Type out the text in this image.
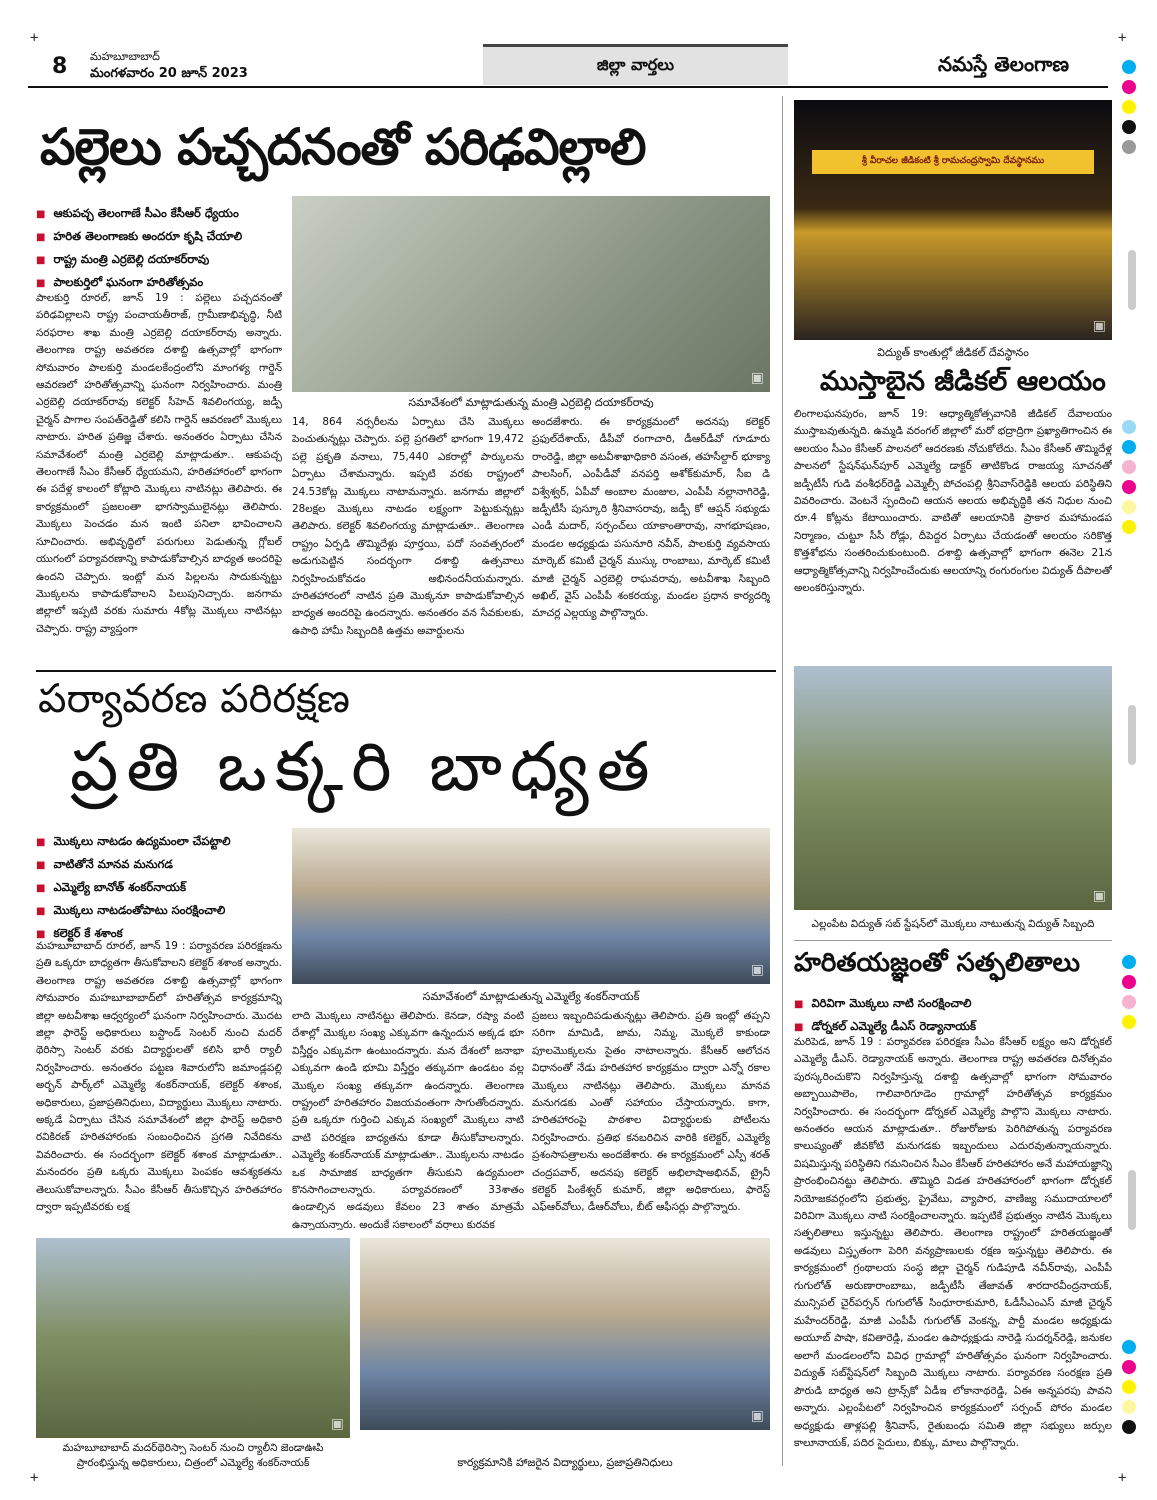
+	+
+	+
8 మహబూబాబాద్
మంగళవారం 20 జూన్ 2023	జిల్లా వార్తలు	నమస్తే తెలంగాణ
పల్లెలు పచ్చదనంతో పరిఢవిల్లాలి
■ ఆకుపచ్చ తెలంగాణే సీఎం కేసీఆర్ ధ్యేయం
■ హరిత తెలంగాణకు అందరూ కృషి చేయాలి
■ రాష్ట్ర మంత్రి ఎర్రబెల్లి దయాకర్‌రావు
■ పాలకుర్తిలో ఘనంగా హరితోత్సవం
పాలకుర్తి రూరల్, జూన్ 19 : పల్లెలు పచ్చదనంతో పరిఢవిల్లాలని రాష్ట్ర పంచాయతీరాజ్, గ్రామీణాభివృద్ధి, నీటి సరఫరాల శాఖ మంత్రి ఎర్రబెల్లి దయాకర్‌రావు అన్నారు. తెలంగాణ రాష్ట్ర అవతరణ దశాబ్ది ఉత్సవాల్లో భాగంగా సోమవారం పాలకుర్తి మండలకేంద్రంలోని మాంగళ్య గార్డెన్ ఆవరణలో హరితోత్సవాన్ని ఘనంగా నిర్వహించారు. మంత్రి ఎర్రబెల్లి దయాకర్‌రావు కలెక్టర్ సీహెచ్ శివలింగయ్య, జడ్పీ చైర్మన్ పాగాల సంపత్‌రెడ్డితో కలిసి గార్డెన్ ఆవరణలో మొక్కలు నాటారు. హరిత ప్రతిజ్ఞ చేశారు. అనంతరం ఏర్పాటు చేసిన సమావేశంలో మంత్రి ఎర్రబెల్లి మాట్లాడుతూ.. ఆకుపచ్చ తెలంగాణే సీఎం కేసీఆర్ ధ్యేయమని, హరితహారంలో భాగంగా ఈ పదేళ్ల కాలంలో కోట్లాది మొక్కలు నాటినట్లు తెలిపారు. ఈ కార్యక్రమంలో ప్రజలంతా భాగస్వాములైనట్లు తెలిపారు. మొక్కలు పెంచడం మన ఇంటి పనిలా భావించాలని సూచించారు. అభివృద్ధిలో పరుగులు పెడుతున్న గ్లోబల్ యుగంలో పర్యావరణాన్ని కాపాడుకోవాల్సిన బాధ్యత అందరిపై ఉందని చెప్పారు. ఇంట్లో మన పిల్లలను సాదుకున్నట్టు మొక్కలను కాపాడుకోవాలని పిలుపునిచ్చారు. జనగామ జిల్లాలో ఇప్పటి వరకు సుమారు 4కోట్ల మొక్కలు నాటినట్లు చెప్పారు. రాష్ట్ర వ్యాప్తంగా
▣
సమావేశంలో మాట్లాడుతున్న మంత్రి ఎర్రబెల్లి దయాకర్‌రావు
14, 864 నర్సరీలను ఏర్పాటు చేసి మొక్కలు పెంచుతున్నట్లు చెప్పారు. పల్లె ప్రగతిలో భాగంగా 19,472 పల్లె ప్రకృతి వనాలు, 75,440 ఎకరాల్లో పార్కులను ఏర్పాటు చేశామన్నారు. ఇప్పటి వరకు రాష్ట్రంలో 24.53కోట్ల మొక్కలు నాటామన్నారు. జనగామ జిల్లాలో 28లక్షల మొక్కలు నాటడం లక్ష్యంగా పెట్టుకున్నట్లు తెలిపారు. కలెక్టర్ శివలింగయ్య మాట్లాడుతూ.. తెలంగాణ రాష్ట్రం ఏర్పడి తొమ్మిదేళ్లు పూర్తయి, పదో సంవత్సరంలో అడుగుపెట్టిన సందర్భంగా దశాబ్ది ఉత్సవాలు నిర్వహించుకోవడం అభినందనీయమన్నారు. హరితహారంలో నాటిన ప్రతి మొక్కనూ కాపాడుకోవాల్సిన బాధ్యత అందరిపై ఉందన్నారు. అనంతరం వన సేవకులకు, ఉపాధి హామీ సిబ్బందికి ఉత్తమ అవార్డులను
అందజేశారు. ఈ కార్యక్రమంలో అదనపు కలెక్టర్ ప్రఫుల్‌దేశాయ్, డీపీవో రంగాచారి, డీఆర్‌డీవో గూడూరు రాంరెడ్డి, జిల్లా అటవీశాఖాధికారి వసంత, తహసీల్దార్ భూక్యా పాలసింగ్, ఎంపీడీవో వనపర్తి అశోక్‌కుమార్, సీఐ డి విశ్వేశ్వర్, ఏపీవో అంబాల మంజుల, ఎంపీపీ నల్లానాగిరెడ్డి, జడ్పీటీసీ పుస్కూరి శ్రీనివాసరావు, జడ్పీ కో ఆప్షన్ సభ్యుడు ఎండీ మదార్, సర్పంచ్‌లు యాకాంతారావు, నాగభూషణం, మండల అధ్యక్షుడు పసునూరి నవీన్, పాలకుర్తి వ్యవసాయ మార్కెట్ కమిటీ చైర్మన్ ముస్కు రాంబాబు, మార్కెట్ కమిటీ మాజీ చైర్మన్ ఎర్రబెల్లి రాఘవరావు, అటవీశాఖ సిబ్బంది అఖిల్, వైస్ ఎంపీపీ శంకరయ్య, మండల ప్రధాన కార్యదర్శి మాచర్ల ఎల్లయ్య పాల్గొన్నారు.
పర్యావరణ పరిరక్షణ
ప్రతి ఒక్కరి బాధ్యత
■ మొక్కలు నాటడం ఉద్యమంలా చేపట్టాలి
■ వాటితోనే మానవ మనుగడ
■ ఎమ్మెల్యే బానోత్ శంకర్‌నాయక్
■ మొక్కలు నాటడంతోపాటు సంరక్షించాలి
■ కలెక్టర్ కే శశాంక
మహబూబాబాద్ రూరల్, జూన్ 19 : పర్యావరణ పరిరక్షణను ప్రతి ఒక్కరూ బాధ్యతగా తీసుకోవాలని కలెక్టర్ శశాంక అన్నారు. తెలంగాణ రాష్ట్ర అవతరణ దశాబ్ది ఉత్సవాల్లో భాగంగా సోమవారం మహబూబాబాద్‌లో హరితోత్సవ కార్యక్రమాన్ని జిల్లా అటవీశాఖ ఆధ్వర్యంలో ఘనంగా నిర్వహించారు. మొదట జిల్లా ఫారెస్ట్ అధికారులు బస్టాండ్ సెంటర్ నుంచి మదర్ థెరిస్సా సెంటర్ వరకు విద్యార్థులతో కలిసి భారీ ర్యాలీ నిర్వహించారు. అనంతరం పట్టణ శివారులోని జమాండ్లపల్లి అర్బన్ పార్క్‌లో ఎమ్మెల్యే శంకర్‌నాయక్, కలెక్టర్ శశాంక, అధికారులు, ప్రజాప్రతినిధులు, విద్యార్థులు మొక్కలు నాటారు. అక్కడే ఏర్పాటు చేసిన సమావేశంలో జిల్లా ఫారెస్ట్ అధికారి రవికిరణ్ హరితహారంకు సంబంధించిన ప్రగతి నివేదికను వివరించారు. ఈ సందర్భంగా కలెక్టర్ శశాంక మాట్లాడుతూ.. మనందరం ప్రతి ఒక్కరు మొక్కలు పెంపకం ఆవశ్యకతను తెలుసుకోవాలన్నారు. సీఎం కేసీఆర్ తీసుకొచ్చిన హరితహారం ద్వారా ఇప్పటివరకు లక్ష
▣
సమావేశంలో మాట్లాడుతున్న ఎమ్మెల్యే శంకర్‌నాయక్
లాది మొక్కలు నాటినట్టు తెలిపారు. కెనడా, రష్యా వంటి దేశాల్లో మొక్కల సంఖ్య ఎక్కువగా ఉన్నందున అక్కడ భూ విస్తీర్ణం ఎక్కువగా ఉంటుందన్నారు. మన దేశంలో జనాభా ఎక్కువగా ఉండి భూమి విస్తీర్ణం తక్కువగా ఉండటం వల్ల మొక్కల సంఖ్య తక్కువగా ఉందన్నారు. తెలంగాణ రాష్ట్రంలో హరితహారం విజయవంతంగా సాగుతోందన్నారు. ప్రతి ఒక్కరూ గుర్తించి ఎక్కువ సంఖ్యలో మొక్కలు నాటి వాటి పరిరక్షణ బాధ్యతను కూడా తీసుకోవాలన్నారు. ఎమ్మెల్యే శంకర్‌నాయక్ మాట్లాడుతూ.. మొక్కలను నాటడం ఒక సామాజిక బాధ్యతగా తీసుకుని ఉద్యమంలా కొనసాగించాలన్నారు. పర్యావరణంలో 33శాతం ఉండాల్సిన అడవులు కేవలం 23 శాతం మాత్రమే ఉన్నాయన్నారు. అందుకే సకాలంలో వర్షాలు కురవక
ప్రజలు ఇబ్బందిపడుతున్నట్లు తెలిపారు. ప్రతి ఇంట్లో తప్పని సరిగా మామిడి, జామ, నిమ్మ, మొక్కలే కాకుండా పూలమొక్కలను సైతం నాటాలన్నారు. కేసీఆర్ ఆలోచన విధానంతో నేడు హరితహార కార్యక్రమం ద్వారా ఎన్నో రకాల మొక్కలు నాటినట్లు తెలిపారు. మొక్కలు మానవ మనుగడకు ఎంతో సహాయం చేస్తాయన్నారు. కాగా, హరితహారంపై పాఠశాల విద్యార్థులకు పోటీలను నిర్వహించారు. ప్రతిభ కనబరిచిన వారికి కలెక్టర్, ఎమ్మెల్యే ప్రశంసాపత్రాలను అందజేశారు. ఈ కార్యక్రమంలో ఎస్పీ శరత్ చంద్రపవార్, అదనపు కలెక్టర్ అభిలాషాఅభినవ్, ట్రైనీ కలెక్టర్ పింకేశ్వర్ కుమార్, జిల్లా అధికారులు, ఫారెస్ట్ ఎఫ్‌ఆర్‌వోలు, డీఆర్‌వోలు, బీట్ ఆఫీసర్లు పాల్గొన్నారు.
▣
మహబూబాబాద్ మదర్‌థెరిస్సా సెంటర్ నుంచి ర్యాలీని జెండాఊపి ప్రారంభిస్తున్న అధికారులు, చిత్రంలో ఎమ్మెల్యే శంకర్‌నాయక్
▣
కార్యక్రమానికి హాజరైన విద్యార్థులు, ప్రజాప్రతినిధులు
శ్రీ వీరాచల జీడికంటి శ్రీ రామచంద్రస్వామి దేవస్థానము
▣
విద్యుత్ కాంతుల్లో జీడికల్ దేవస్థానం
ముస్తాబైన జీడికల్ ఆలయం
లింగాలఘనపురం, జూన్ 19: ఆధ్యాత్మికోత్సవానికి జీడికల్ దేవాలయం ముస్తాబవుతున్నది. ఉమ్మడి వరంగల్ జిల్లాలో మరో భద్రాద్రిగా ప్రఖ్యాతిగాంచిన ఈ ఆలయం సీఎం కేసీఆర్ పాలనలో ఆదరణకు నోచుకోలేదు. సీఎం కేసీఆర్ తొమ్మిదేళ్ల పాలనలో స్టేషన్‌ఘన్‌పూర్ ఎమ్మెల్యే డాక్టర్ తాటికొండ రాజయ్య సూచనతో జడ్పీటీసీ గుడి వంశీధర్‌రెడ్డి ఎమ్మెల్సీ పోచంపల్లి శ్రీనివాస్‌రెడ్డికి ఆలయ పరిస్థితిని వివరించారు. వెంటనే స్పందించి ఆయన ఆలయ అభివృద్ధికి తన నిధుల నుంచి రూ.4 కోట్లను కేటాయించారు. వాటితో ఆలయానికి ప్రాకార మహామండప నిర్మాణం, చుట్టూ సీసీ రోడ్లు, దీపెద్దర ఏర్పాటు చేయడంతో ఆలయం సరికొత్త కొత్తశోభను సంతరించుకుంటుంది. దశాబ్ది ఉత్సవాల్లో భాగంగా ఈనెల 21న ఆధ్యాత్మికోత్సవాన్ని నిర్వహించేందుకు ఆలయాన్ని రంగురంగుల విద్యుత్ దీపాలతో అలంకరిస్తున్నారు.
▣
ఎల్లంపేట విద్యుత్ సబ్ స్టేషన్‌లో మొక్కలు నాటుతున్న విద్యుత్ సిబ్బంది
హరితయజ్ఞంతో సత్ఫలితాలు
■ విరివిగా మొక్కలు నాటి సంరక్షించాలి
■ డోర్నకల్ ఎమ్మెల్యే డీఎస్ రెడ్యానాయక్
మరిపెడ, జూన్ 19 : పర్యావరణ పరిరక్షణ సీఎం కేసీఆర్ లక్ష్యం అని డోర్నకల్ ఎమ్మెల్యే డీఎస్. రెడ్యానాయక్ అన్నారు. తెలంగాణ రాష్ట్ర అవతరణ దినోత్సవం పురస్కరించుకొని నిర్వహిస్తున్న దశాబ్ది ఉత్సవాల్లో భాగంగా సోమవారం అబ్బాయిపాలెం, గాలివారిగూడెం గ్రామాల్లో హరితోత్సవ కార్యక్రమం నిర్వహించారు. ఈ సందర్భంగా డోర్నకల్ ఎమ్మెల్యే పాల్గొని మొక్కలు నాటారు. అనంతరం ఆయన మాట్లాడుతూ.. రోజురోజుకు పెరిగిపోతున్న పర్యావరణ కాలుష్యంతో జీవకోటి మనుగడకు ఇబ్బందులు ఎదురవుతున్నాయన్నారు. విషమిస్తున్న పరిస్థితిని గమనించిన సీఎం కేసీఆర్ హరితహారం అనే మహాయజ్ఞాన్ని ప్రారంభించినట్టు తెలిపారు. తొమ్మిది విడత హరితహారంలో భాగంగా డోర్నకల్ నియోజకవర్గంలోని ప్రభుత్వ, ప్రైవేటు, వ్యాపార, వాణిజ్య సముదాయాలలో విరివిగా మొక్కలు నాటి సంరక్షించాలన్నారు. ఇప్పటికే ప్రభుత్వం నాటిన మొక్కలు సత్ఫలితాలు ఇస్తున్నట్టు తెలిపారు. తెలంగాణ రాష్ట్రంలో హరితయజ్ఞంతో అడవులు విస్తృతంగా పెరిగి వన్యప్రాణులకు రక్షణ ఇస్తున్నట్టు తెలిపారు. ఈ కార్యక్రమంలో గ్రంథాలయ సంస్థ జిల్లా చైర్మన్ గుడిపూడి నవీన్‌రావు, ఎంపీపీ గుగులోత్ అరుణారాంబాబు, జడ్పీటీసీ తేజావత్ శారదారవీంద్రనాయక్, మున్సిపల్ చైర్‌పర్సన్ గుగులోత్ సింధూరాకుమారి, ఓడీసీఎంఎస్ మాజీ చైర్మన్ మహేందర్‌రెడ్డి, మాజీ ఎంపీపీ గుగులోత్ వెంకన్న, పార్టీ మండల అధ్యక్షుడు అయూబ్ పాషా, కవితారెడ్డి, మండల ఉపాధ్యక్షుడు నారెడ్డి సుదర్శన్‌రెడ్డి, జనుకల
అలాగే మండలంలోని వివిధ గ్రామాల్లో హరితోత్సవం ఘనంగా నిర్వహించారు. విద్యుత్ సబ్‌స్టేషన్‌లో సిబ్బంది మొక్కలు నాటారు. పర్యావరణ సంరక్షణ ప్రతి పౌరుడి బాధ్యత అని ట్రాన్స్‌కో ఏడీఇ లోకానాథరెడ్డి, ఏఈ అన్నపరపు పావని అన్నారు. ఎల్లంపేటలో నిర్వహించిన కార్యక్రమంలో సర్పంచ్ పోరం మండల అధ్యక్షుడు తాళ్లపల్లి శ్రీనివాస్, రైతుబంధు సమితి జిల్లా సభ్యులు జర్పుల కాలూనాయక్, పదిర సైదులు, బిక్కు, మాలు పాల్గొన్నారు.
